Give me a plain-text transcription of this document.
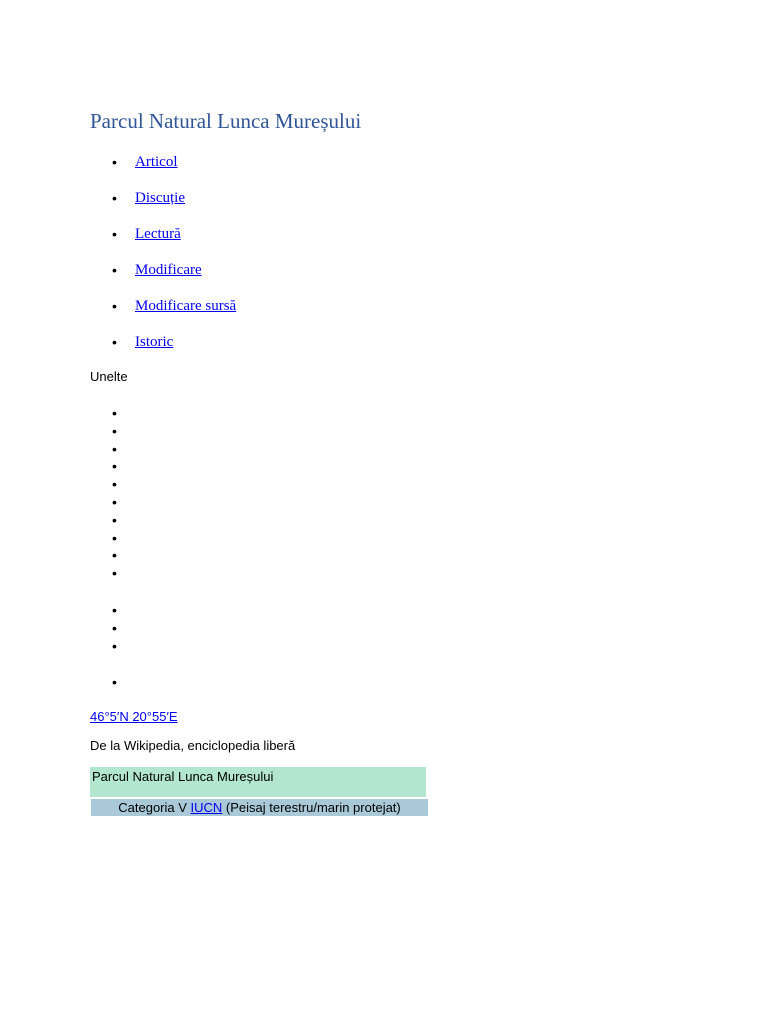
Parcul Natural Lunca Mureșului
• Articol
• Discuție
• Lectură
• Modificare
• Modificare sursă
• Istoric
Unelte
•
•
•
•
•
•
•
•
•
•
•
•
•
•
46°5′N 20°55′E
De la Wikipedia, enciclopedia liberă
Parcul Natural Lunca Mureșului
Categoria V IUCN (Peisaj terestru/marin protejat)
